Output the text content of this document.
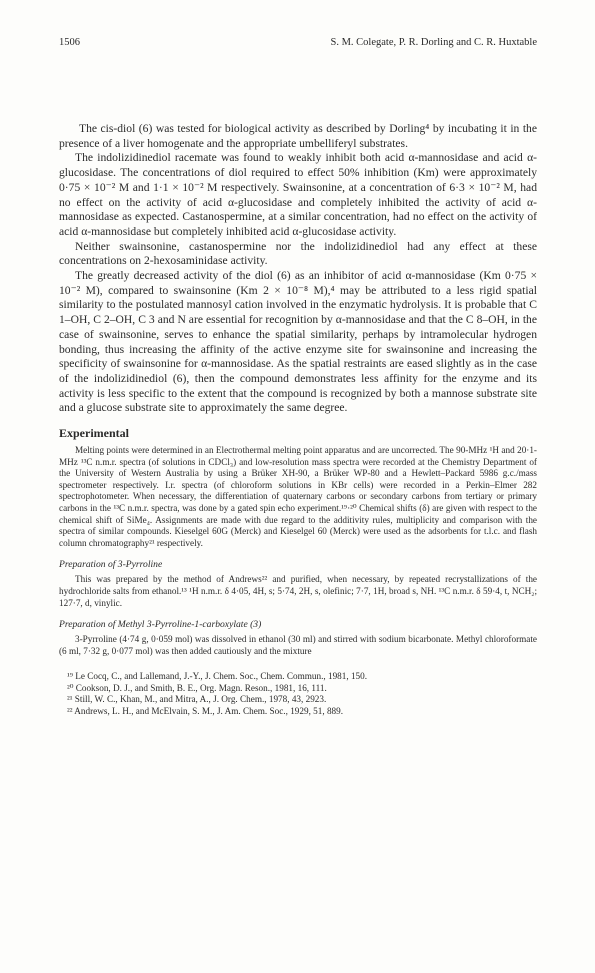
1506	S. M. Colegate, P. R. Dorling and C. R. Huxtable

The cis-diol (6) was tested for biological activity as described by Dorling⁴ by incubating it in the presence of a liver homogenate and the appropriate umbelliferyl substrates.

The indolizidinediol racemate was found to weakly inhibit both acid α-mannosidase and acid α-glucosidase. The concentrations of diol required to effect 50% inhibition (Km) were approximately 0·75 × 10⁻² M and 1·1 × 10⁻² M respectively. Swainsonine, at a concentration of 6·3 × 10⁻² M, had no effect on the activity of acid α-glucosidase and completely inhibited the activity of acid α-mannosidase as expected. Castanospermine, at a similar concentration, had no effect on the activity of acid α-mannosidase but completely inhibited acid α-glucosidase activity.

Neither swainsonine, castanospermine nor the indolizidinediol had any effect at these concentrations on 2-hexosaminidase activity.

The greatly decreased activity of the diol (6) as an inhibitor of acid α-mannosidase (Km 0·75 × 10⁻² M), compared to swainsonine (Km 2 × 10⁻⁸ M),⁴ may be attributed to a less rigid spatial similarity to the postulated mannosyl cation involved in the enzymatic hydrolysis. It is probable that C 1–OH, C 2–OH, C 3 and N are essential for recognition by α-mannosidase and that the C 8–OH, in the case of swainsonine, serves to enhance the spatial similarity, perhaps by intramolecular hydrogen bonding, thus increasing the affinity of the active enzyme site for swainsonine and increasing the specificity of swainsonine for α-mannosidase. As the spatial restraints are eased slightly as in the case of the indolizidinediol (6), then the compound demonstrates less affinity for the enzyme and its activity is less specific to the extent that the compound is recognized by both a mannose substrate site and a glucose substrate site to approximately the same degree.

Experimental

Melting points were determined in an Electrothermal melting point apparatus and are uncorrected. The 90-MHz ¹H and 20·1-MHz ¹³C n.m.r. spectra (of solutions in CDCl₃) and low-resolution mass spectra were recorded at the Chemistry Department of the University of Western Australia by using a Brüker XH-90, a Brüker WP-80 and a Hewlett–Packard 5986 g.c./mass spectrometer respectively. I.r. spectra (of chloroform solutions in KBr cells) were recorded in a Perkin–Elmer 282 spectrophotometer. When necessary, the differentiation of quaternary carbons or secondary carbons from tertiary or primary carbons in the ¹³C n.m.r. spectra, was done by a gated spin echo experiment.¹⁹·²⁰ Chemical shifts (δ) are given with respect to the chemical shift of SiMe₄. Assignments are made with due regard to the additivity rules, multiplicity and comparison with the spectra of similar compounds. Kieselgel 60G (Merck) and Kieselgel 60 (Merck) were used as the adsorbents for t.l.c. and flash column chromatography²¹ respectively.

Preparation of 3-Pyrroline

This was prepared by the method of Andrews²² and purified, when necessary, by repeated recrystallizations of the hydrochloride salts from ethanol.¹³ ¹H n.m.r. δ 4·05, 4H, s; 5·74, 2H, s, olefinic; 7·7, 1H, broad s, NH. ¹³C n.m.r. δ 59·4, t, NCH₂; 127·7, d, vinylic.

Preparation of Methyl 3-Pyrroline-1-carboxylate (3)

3-Pyrroline (4·74 g, 0·059 mol) was dissolved in ethanol (30 ml) and stirred with sodium bicarbonate. Methyl chloroformate (6 ml, 7·32 g, 0·077 mol) was then added cautiously and the mixture

¹⁹ Le Cocq, C., and Lallemand, J.-Y., J. Chem. Soc., Chem. Commun., 1981, 150.
²⁰ Cookson, D. J., and Smith, B. E., Org. Magn. Reson., 1981, 16, 111.
²¹ Still, W. C., Khan, M., and Mitra, A., J. Org. Chem., 1978, 43, 2923.
²² Andrews, L. H., and McElvain, S. M., J. Am. Chem. Soc., 1929, 51, 889.
